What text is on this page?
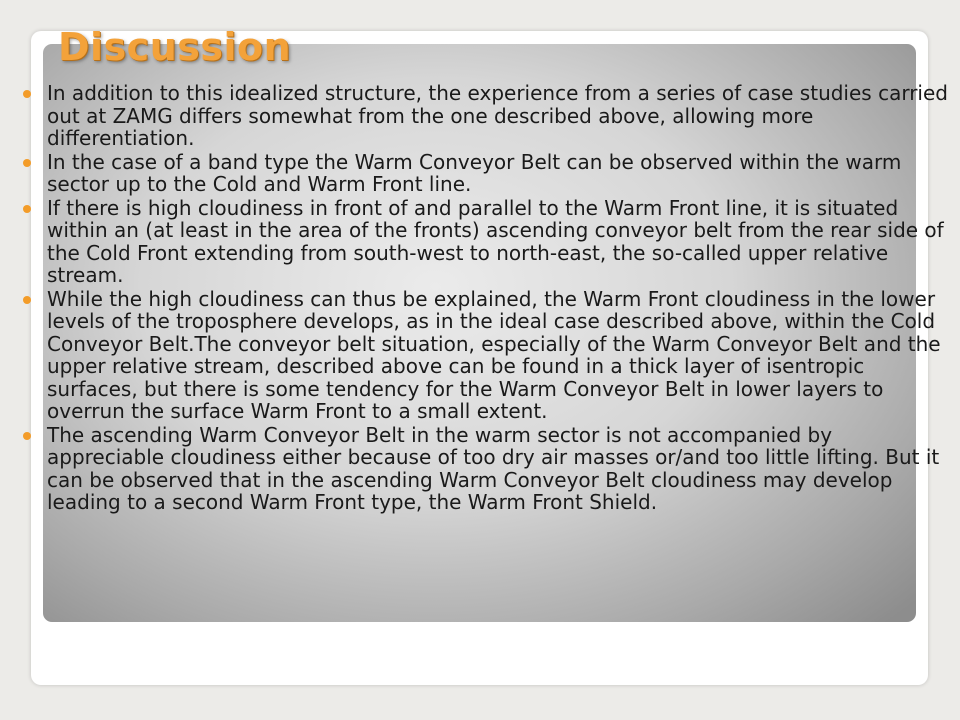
Discussion
In addition to this idealized structure, the experience from a series of case studies carried out at ZAMG differs somewhat from the one described above, allowing more differentiation.
In the case of a band type the Warm Conveyor Belt can be observed within the warm sector up to the Cold and Warm Front line.
If there is high cloudiness in front of and parallel to the Warm Front line, it is situated within an (at least in the area of the fronts) ascending conveyor belt from the rear side of the Cold Front extending from south-west to north-east, the so-called upper relative stream.
While the high cloudiness can thus be explained, the Warm Front cloudiness in the lower levels of the troposphere develops, as in the ideal case described above, within the Cold Conveyor Belt.The conveyor belt situation, especially of the Warm Conveyor Belt and the upper relative stream, described above can be found in a thick layer of isentropic surfaces, but there is some tendency for the Warm Conveyor Belt in lower layers to overrun the surface Warm Front to a small extent.
The ascending Warm Conveyor Belt in the warm sector is not accompanied by appreciable cloudiness either because of too dry air masses or/and too little lifting. But it can be observed that in the ascending Warm Conveyor Belt cloudiness may develop leading to a second Warm Front type, the Warm Front Shield.
